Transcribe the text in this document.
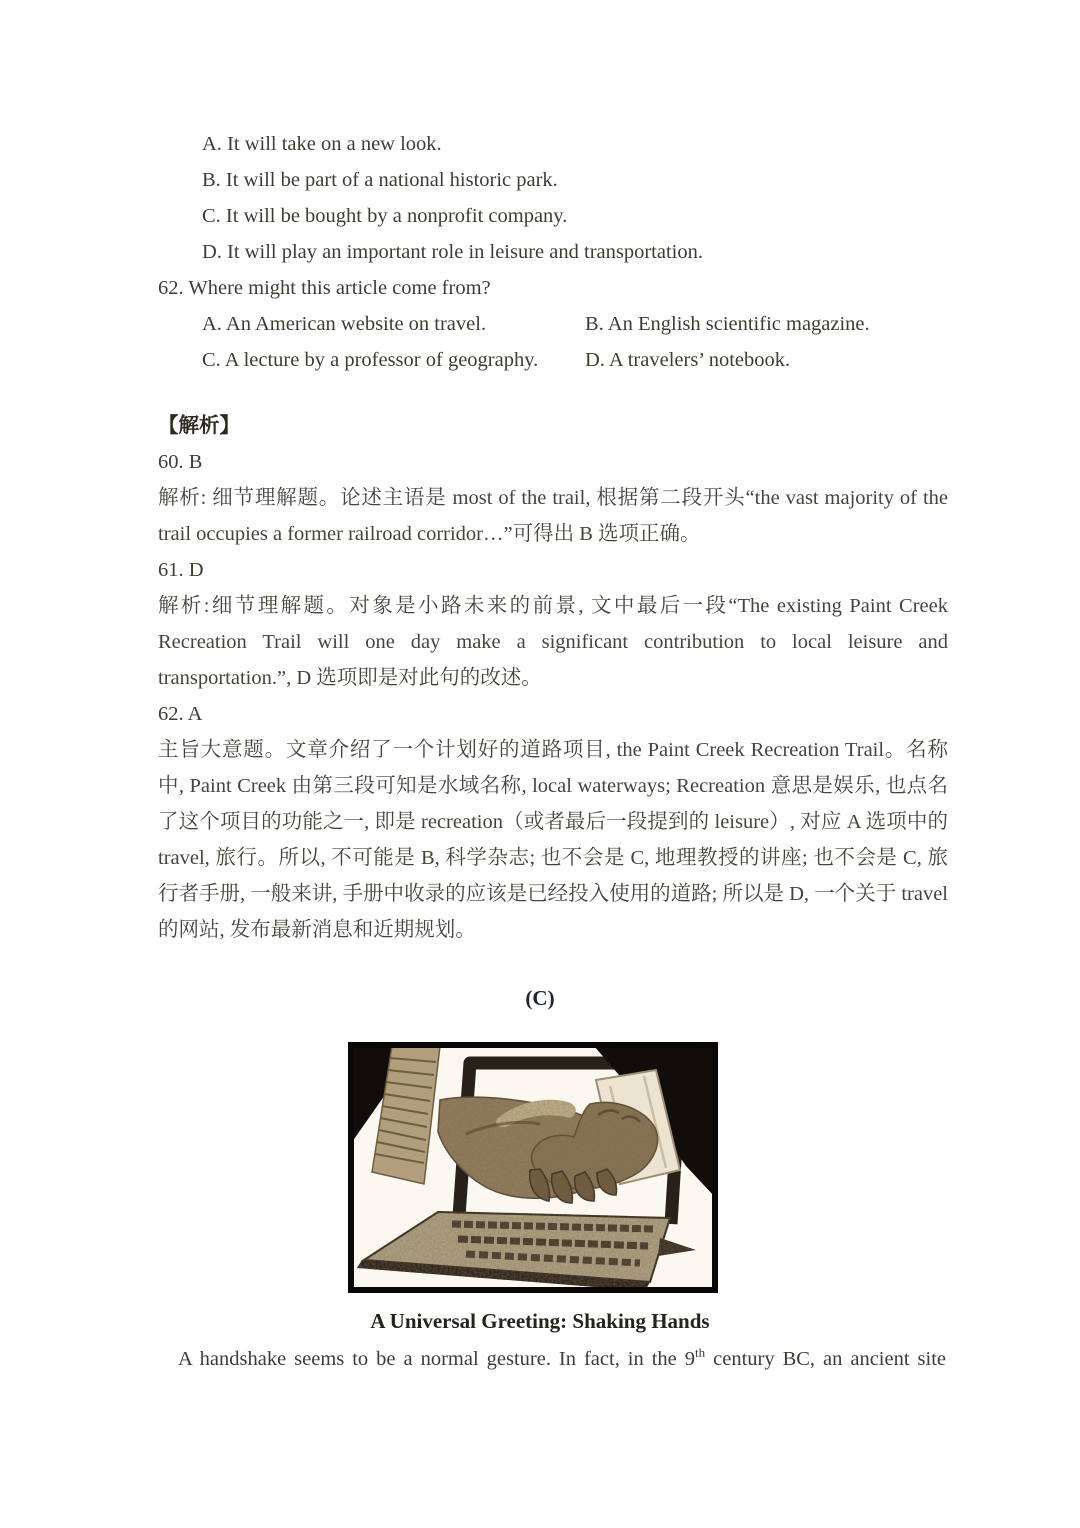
A. It will take on a new look.
B. It will be part of a national historic park.
C. It will be bought by a nonprofit company.
D. It will play an important role in leisure and transportation.
62. Where might this article come from?
A. An American website on travel.	B. An English scientific magazine.
C. A lecture by a professor of geography.	D. A travelers’ notebook.
【解析】
60. B
解析: 细节理解题。论述主语是 most of the trail, 根据第二段开头“the vast majority of the trail occupies a former railroad corridor…”可得出 B 选项正确。
61. D
解析:细节理解题。对象是小路未来的前景, 文中最后一段“The existing Paint Creek Recreation Trail will one day make a significant contribution to local leisure and transportation.”, D 选项即是对此句的改述。
62. A
主旨大意题。文章介绍了一个计划好的道路项目, the Paint Creek Recreation Trail。名称中, Paint Creek 由第三段可知是水域名称, local waterways; Recreation 意思是娱乐, 也点名了这个项目的功能之一, 即是 recreation（或者最后一段提到的 leisure）, 对应 A 选项中的 travel, 旅行。所以, 不可能是 B, 科学杂志; 也不会是 C, 地理教授的讲座; 也不会是 C, 旅行者手册, 一般来讲, 手册中收录的应该是已经投入使用的道路; 所以是 D, 一个关于 travel 的网站, 发布最新消息和近期规划。
(C)
A Universal Greeting: Shaking Hands
A handshake seems to be a normal gesture. In fact, in the 9th century BC, an ancient site
